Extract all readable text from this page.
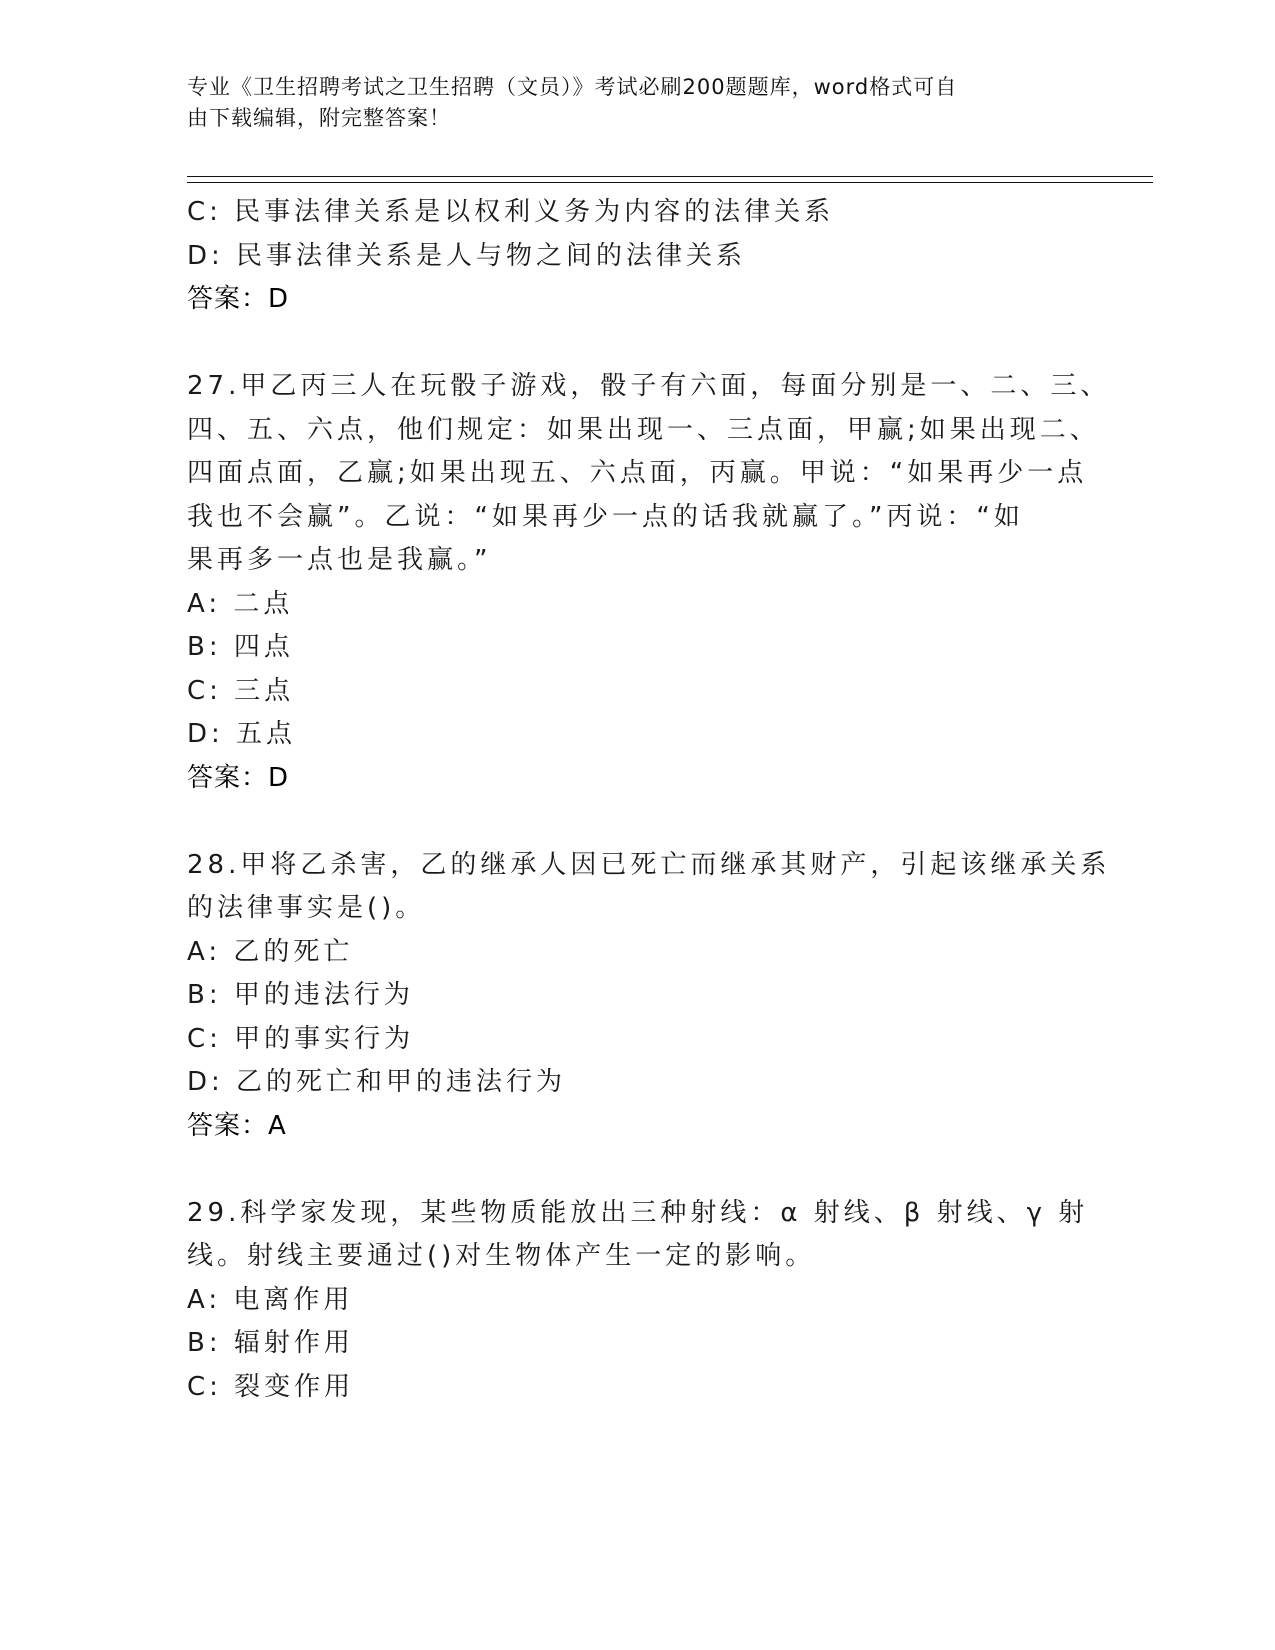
专业《卫生招聘考试之卫生招聘（文员）》考试必刷200题题库，word格式可自
由下载编辑，附完整答案！
C: 民事法律关系是以权利义务为内容的法律关系
D: 民事法律关系是人与物之间的法律关系
答案：D
27.甲乙丙三人在玩骰子游戏，骰子有六面，每面分别是一、二、三、
四、五、六点，他们规定：如果出现一、三点面，甲赢;如果出现二、
四面点面，乙赢;如果出现五、六点面，丙赢。甲说：“如果再少一点
我也不会赢”。乙说：“如果再少一点的话我就赢了。”丙说：“如
果再多一点也是我赢。”
A: 二点
B: 四点
C: 三点
D: 五点
答案：D
28.甲将乙杀害，乙的继承人因已死亡而继承其财产，引起该继承关系
的法律事实是()。
A: 乙的死亡
B: 甲的违法行为
C: 甲的事实行为
D: 乙的死亡和甲的违法行为
答案：A
29.科学家发现，某些物质能放出三种射线：α 射线、β 射线、γ 射
线。射线主要通过()对生物体产生一定的影响。
A: 电离作用
B: 辐射作用
C: 裂变作用
